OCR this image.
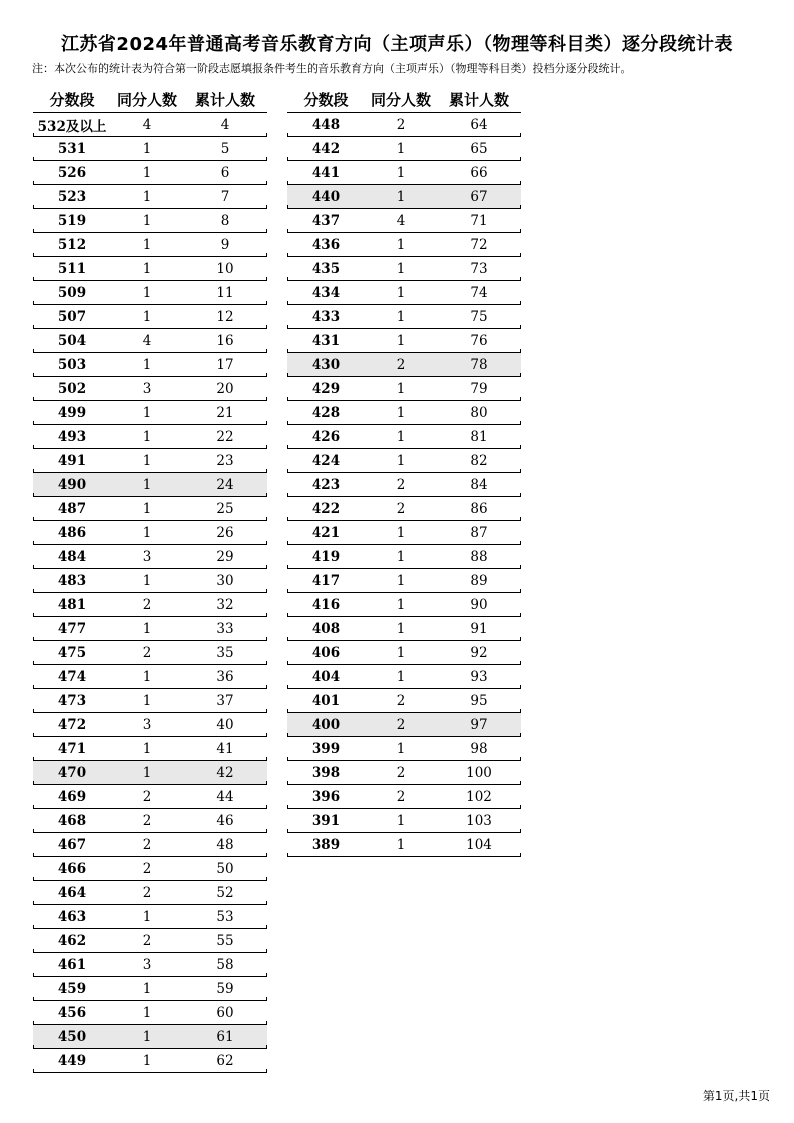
江苏省2024年普通高考音乐教育方向（主项声乐）（物理等科目类）逐分段统计表
注：本次公布的统计表为符合第一阶段志愿填报条件考生的音乐教育方向（主项声乐）（物理等科目类）投档分逐分段统计。
分数段	同分人数	累计人数
532及以上	4	4
531	1	5
526	1	6
523	1	7
519	1	8
512	1	9
511	1	10
509	1	11
507	1	12
504	4	16
503	1	17
502	3	20
499	1	21
493	1	22
491	1	23
490	1	24
487	1	25
486	1	26
484	3	29
483	1	30
481	2	32
477	1	33
475	2	35
474	1	36
473	1	37
472	3	40
471	1	41
470	1	42
469	2	44
468	2	46
467	2	48
466	2	50
464	2	52
463	1	53
462	2	55
461	3	58
459	1	59
456	1	60
450	1	61
449	1	62
分数段	同分人数	累计人数
448	2	64
442	1	65
441	1	66
440	1	67
437	4	71
436	1	72
435	1	73
434	1	74
433	1	75
431	1	76
430	2	78
429	1	79
428	1	80
426	1	81
424	1	82
423	2	84
422	2	86
421	1	87
419	1	88
417	1	89
416	1	90
408	1	91
406	1	92
404	1	93
401	2	95
400	2	97
399	1	98
398	2	100
396	2	102
391	1	103
389	1	104
第1页,共1页
